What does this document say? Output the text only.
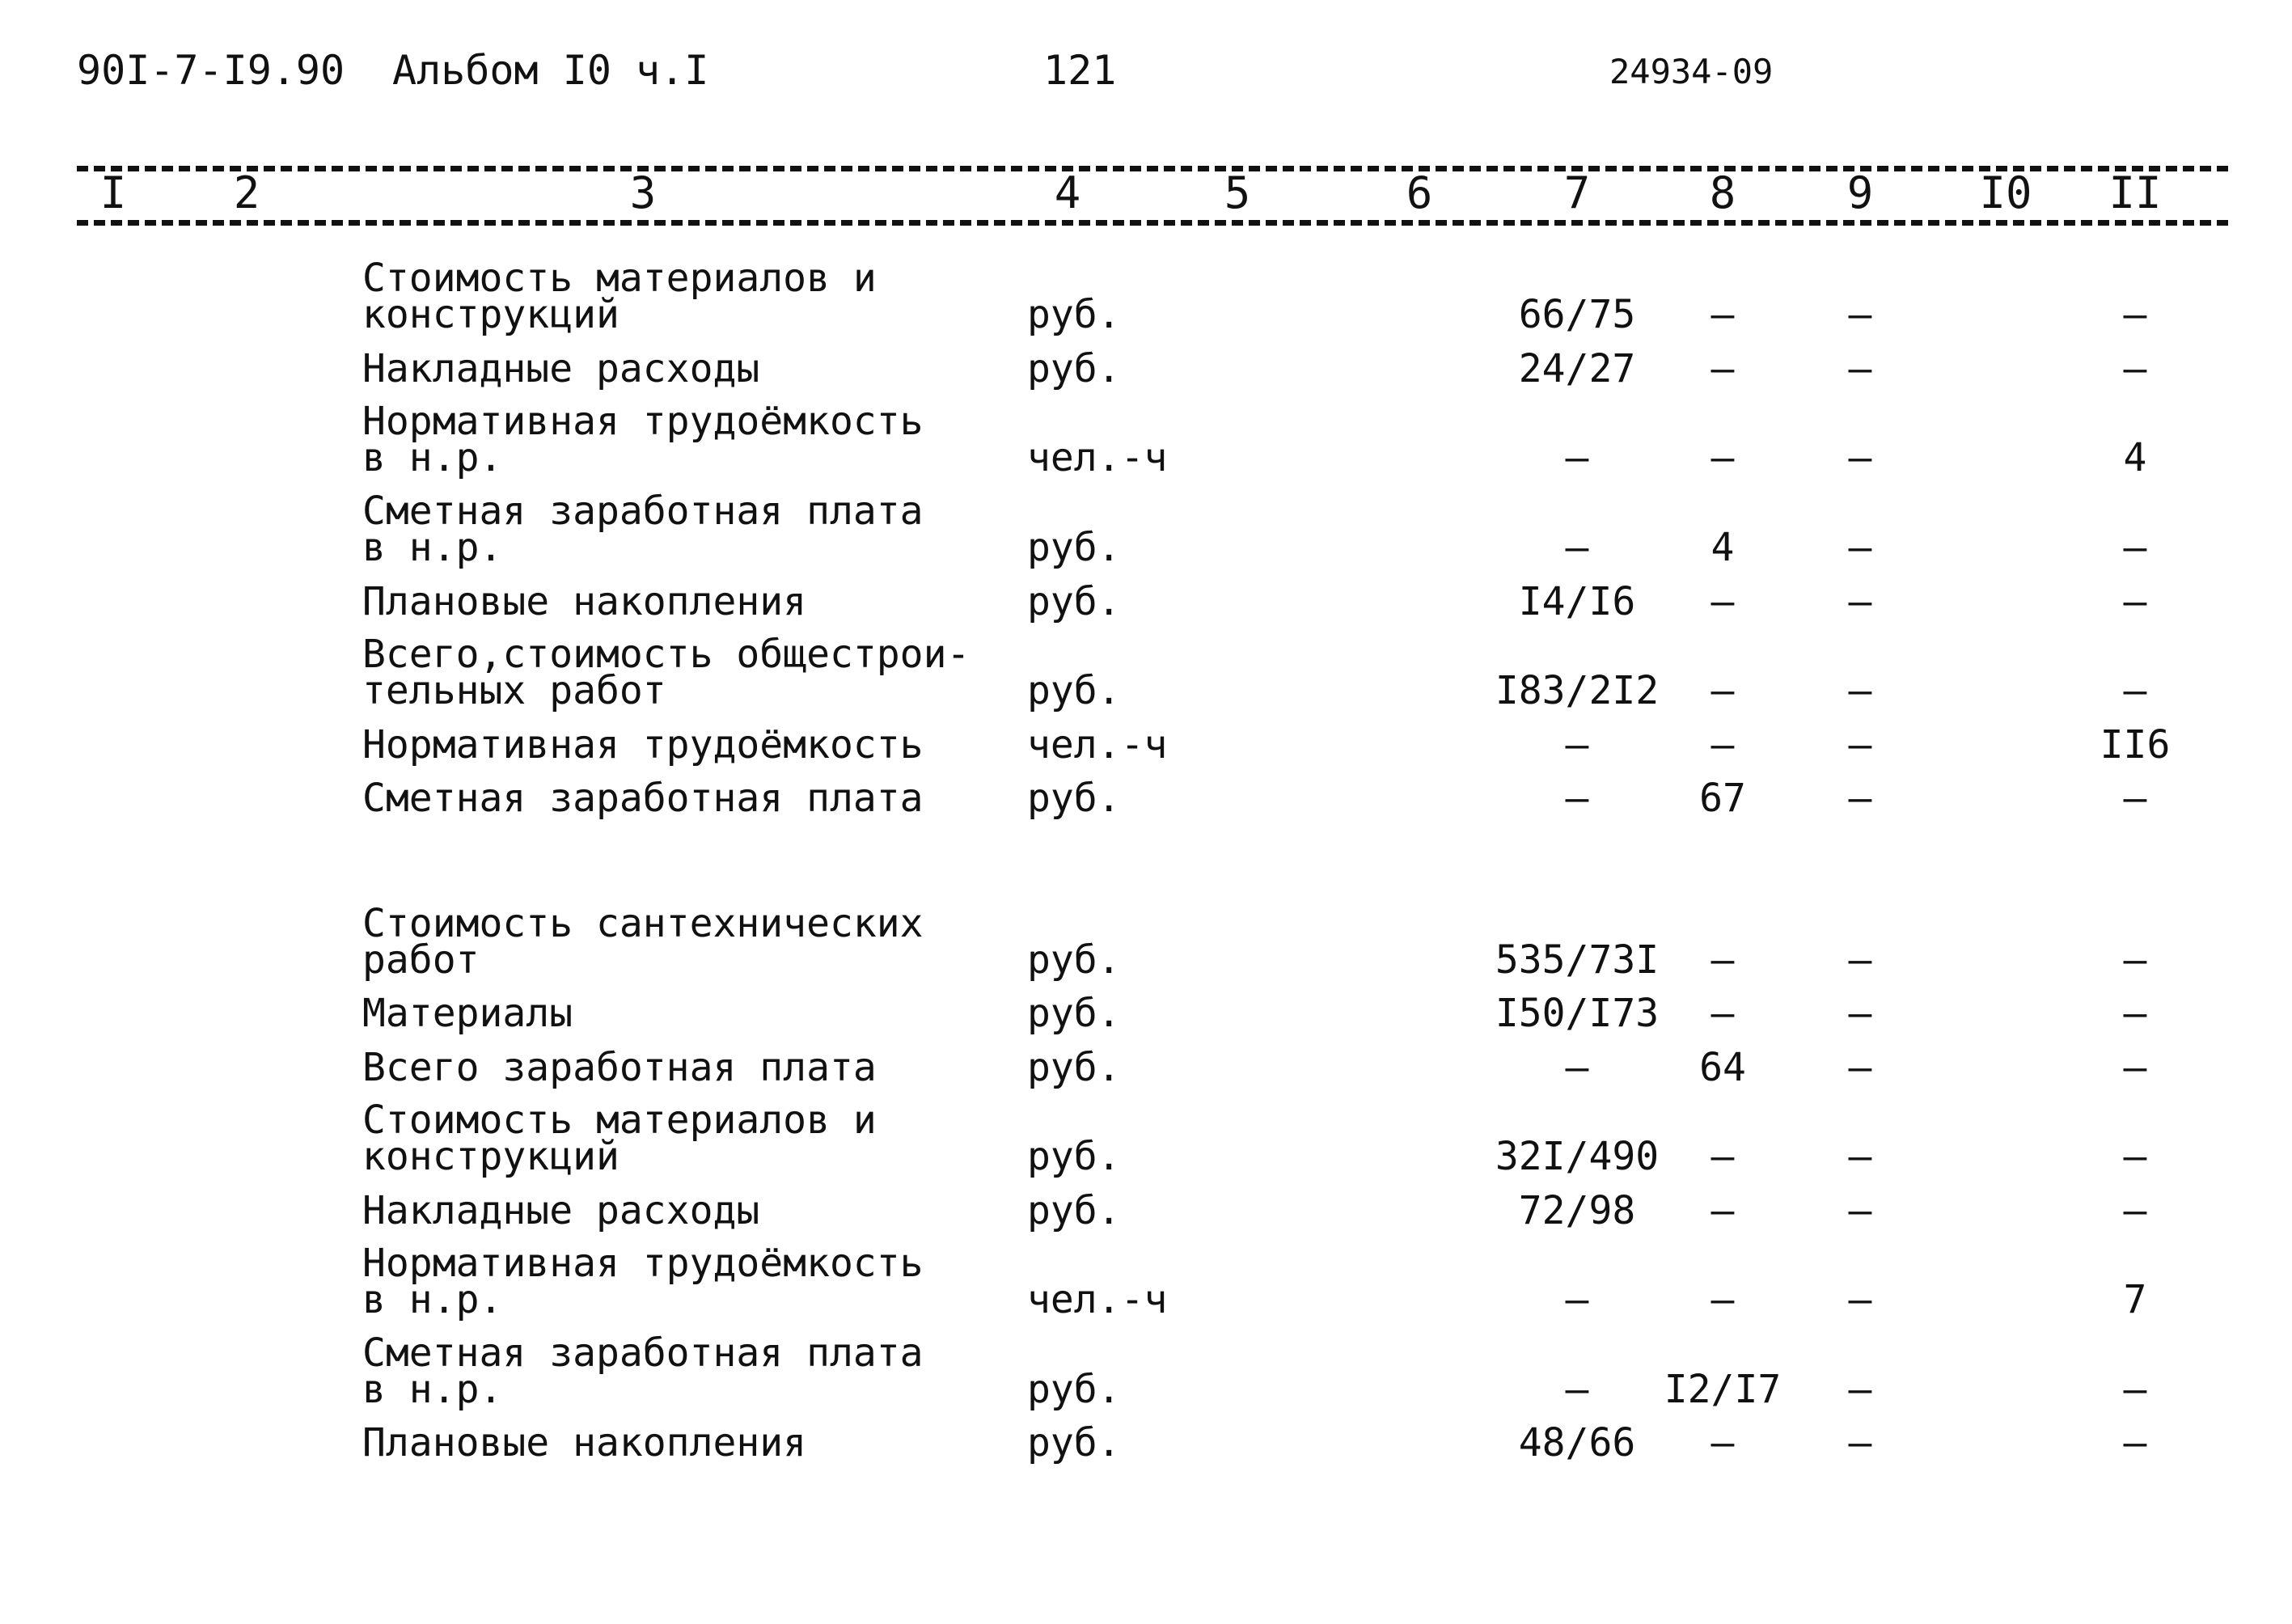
90I-7-I9.90 Альбом I0 ч.I	121	24934-09
I 2	3	4	5	6	7	8	9 I0 II
Стоимость материалов и
конструкций	руб.	66/75 –	–	–
Накладные расходы	руб.	24/27 –	–	–
Нормативная трудоёмкость
в н.р.	чел.-ч	–	–	–	4
Сметная заработная плата
в н.р.	руб.	–	4	–	–
Плановые накопления	руб.	I4/I6 –	–	–
Всего,стоимость общестрои-
тельных работ	руб.	I83/2I2 –	–	–
Нормативная трудоёмкость	чел.-ч	–	–	–	II6
Сметная заработная плата	руб.	–	67	–	–
Стоимость сантехнических
работ	руб.	535/73I –	–	–
Материалы	руб.	I50/I73 –	–	–
Всего заработная плата	руб.	–	64	–	–
Стоимость материалов и
конструкций	руб.	32I/490 –	–	–
Накладные расходы	руб.	72/98 –	–	–
Нормативная трудоёмкость
в н.р.	чел.-ч	–	–	–	7
Сметная заработная плата
в н.р.	руб.	– I2/I7 –	–
Плановые накопления	руб.	48/66 –	–	–
